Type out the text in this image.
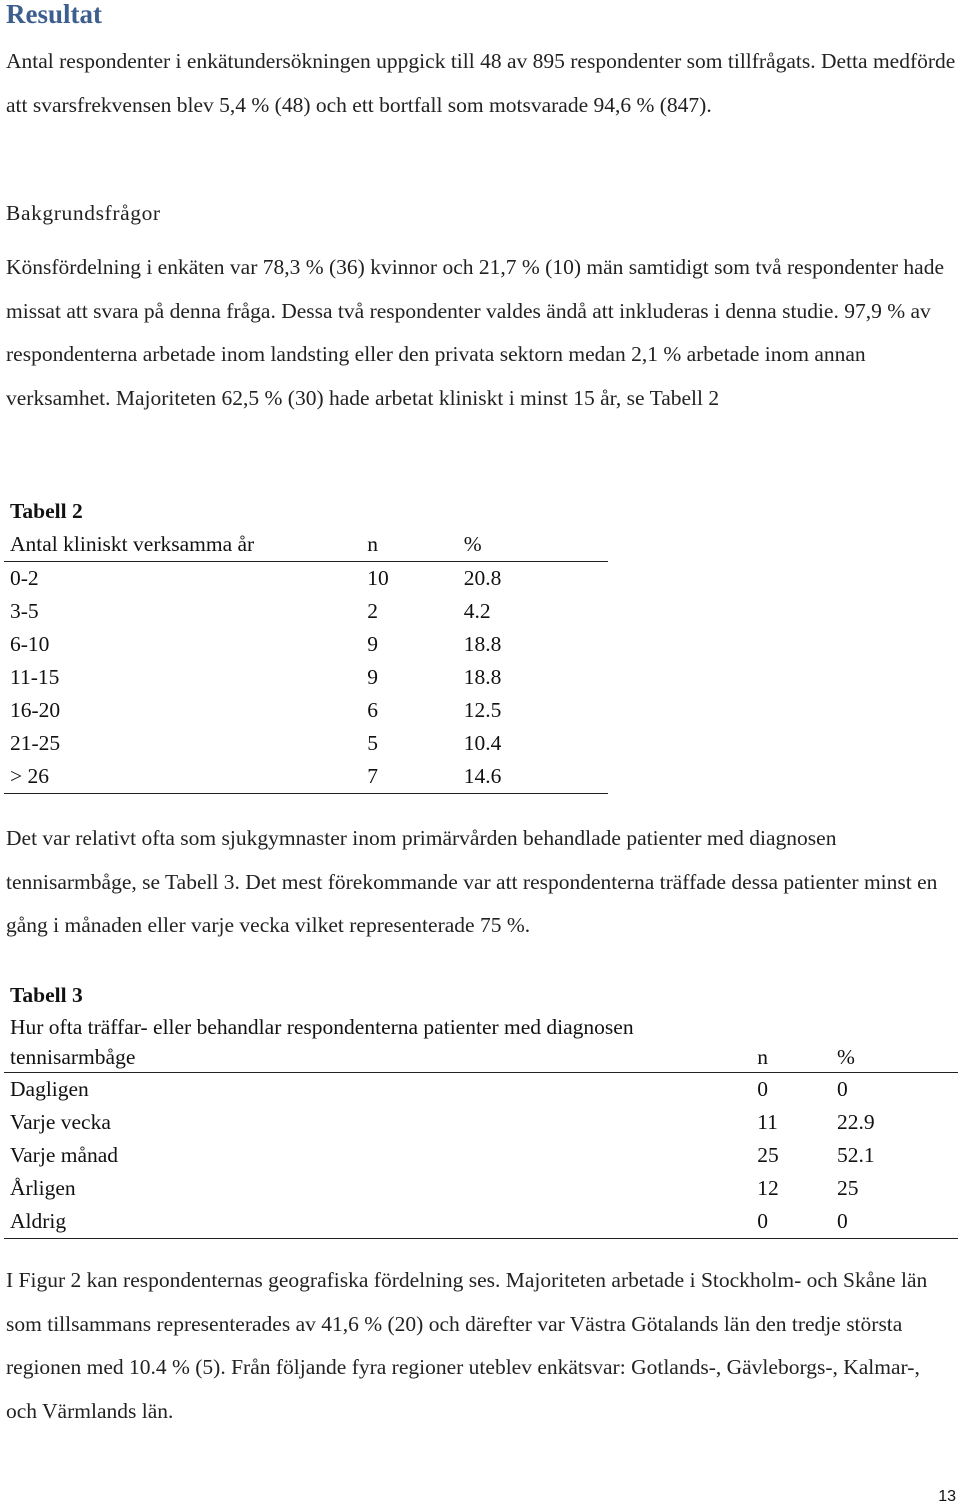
Resultat
Antal respondenter i enkätundersökningen uppgick till 48 av 895 respondenter som tillfrågats. Detta medförde att svarsfrekvensen blev 5,4 % (48) och ett bortfall som motsvarade 94,6 % (847).
Bakgrundsfrågor
Könsfördelning i enkäten var 78,3 % (36) kvinnor och 21,7 % (10) män samtidigt som två respondenter hade missat att svara på denna fråga. Dessa två respondenter valdes ändå att inkluderas i denna studie. 97,9 % av respondenterna arbetade inom landsting eller den privata sektorn medan 2,1 % arbetade inom annan verksamhet. Majoriteten 62,5 % (30) hade arbetat kliniskt i minst 15 år, se Tabell 2
Tabell 2		
Antal kliniskt verksamma år	n	%
0-2	10	20.8
3-5	2	4.2
6-10	9	18.8
11-15	9	18.8
16-20	6	12.5
21-25	5	10.4
> 26	7	14.6
Det var relativt ofta som sjukgymnaster inom primärvården behandlade patienter med diagnosen tennisarmbåge, se Tabell 3. Det mest förekommande var att respondenterna träffade dessa patienter minst en gång i månaden eller varje vecka vilket representerade 75 %.
Tabell 3		
Hur ofta träffar- eller behandlar respondenterna patienter med diagnosen		
tennisarmbåge	n	%
Dagligen	0	0
Varje vecka	11	22.9
Varje månad	25	52.1
Årligen	12	25
Aldrig	0	0
I Figur 2 kan respondenternas geografiska fördelning ses. Majoriteten arbetade i Stockholm- och Skåne län som tillsammans representerades av 41,6 % (20) och därefter var Västra Götalands län den tredje största regionen med 10.4 % (5). Från följande fyra regioner uteblev enkätsvar: Gotlands-, Gävleborgs-, Kalmar-, och Värmlands län.
13
